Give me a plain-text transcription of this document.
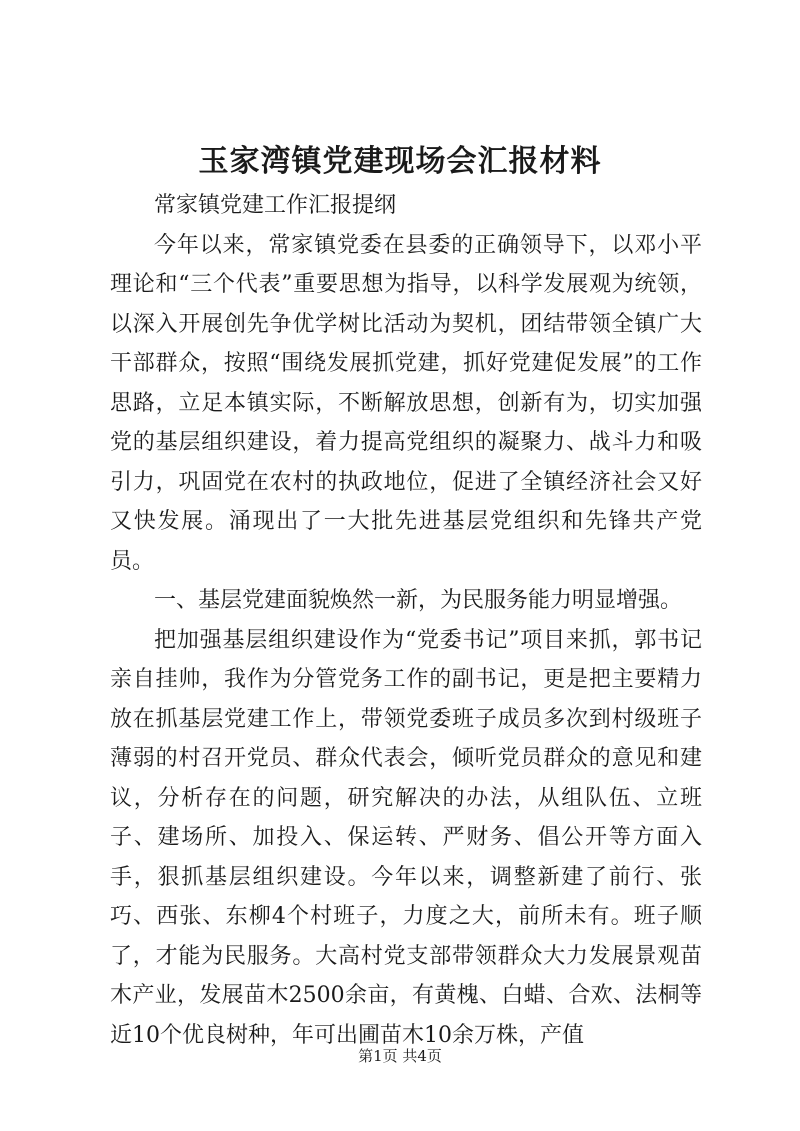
玉家湾镇党建现场会汇报材料

常家镇党建工作汇报提纲

今年以来，常家镇党委在县委的正确领导下，以邓小平理论和“三个代表”重要思想为指导，以科学发展观为统领，以深入开展创先争优学树比活动为契机，团结带领全镇广大干部群众，按照“围绕发展抓党建，抓好党建促发展”的工作思路，立足本镇实际，不断解放思想，创新有为，切实加强党的基层组织建设，着力提高党组织的凝聚力、战斗力和吸引力，巩固党在农村的执政地位，促进了全镇经济社会又好又快发展。涌现出了一大批先进基层党组织和先锋共产党员。

一、基层党建面貌焕然一新，为民服务能力明显增强。

把加强基层组织建设作为“党委书记”项目来抓，郭书记亲自挂帅，我作为分管党务工作的副书记，更是把主要精力放在抓基层党建工作上，带领党委班子成员多次到村级班子薄弱的村召开党员、群众代表会，倾听党员群众的意见和建议，分析存在的问题，研究解决的办法，从组队伍、立班子、建场所、加投入、保运转、严财务、倡公开等方面入手，狠抓基层组织建设。今年以来，调整新建了前行、张巧、西张、东柳4个村班子，力度之大，前所未有。班子顺了，才能为民服务。大高村党支部带领群众大力发展景观苗木产业，发展苗木2500余亩，有黄槐、白蜡、合欢、法桐等近10个优良树种，年可出圃苗木10余万株，产值

第1页 共4页
